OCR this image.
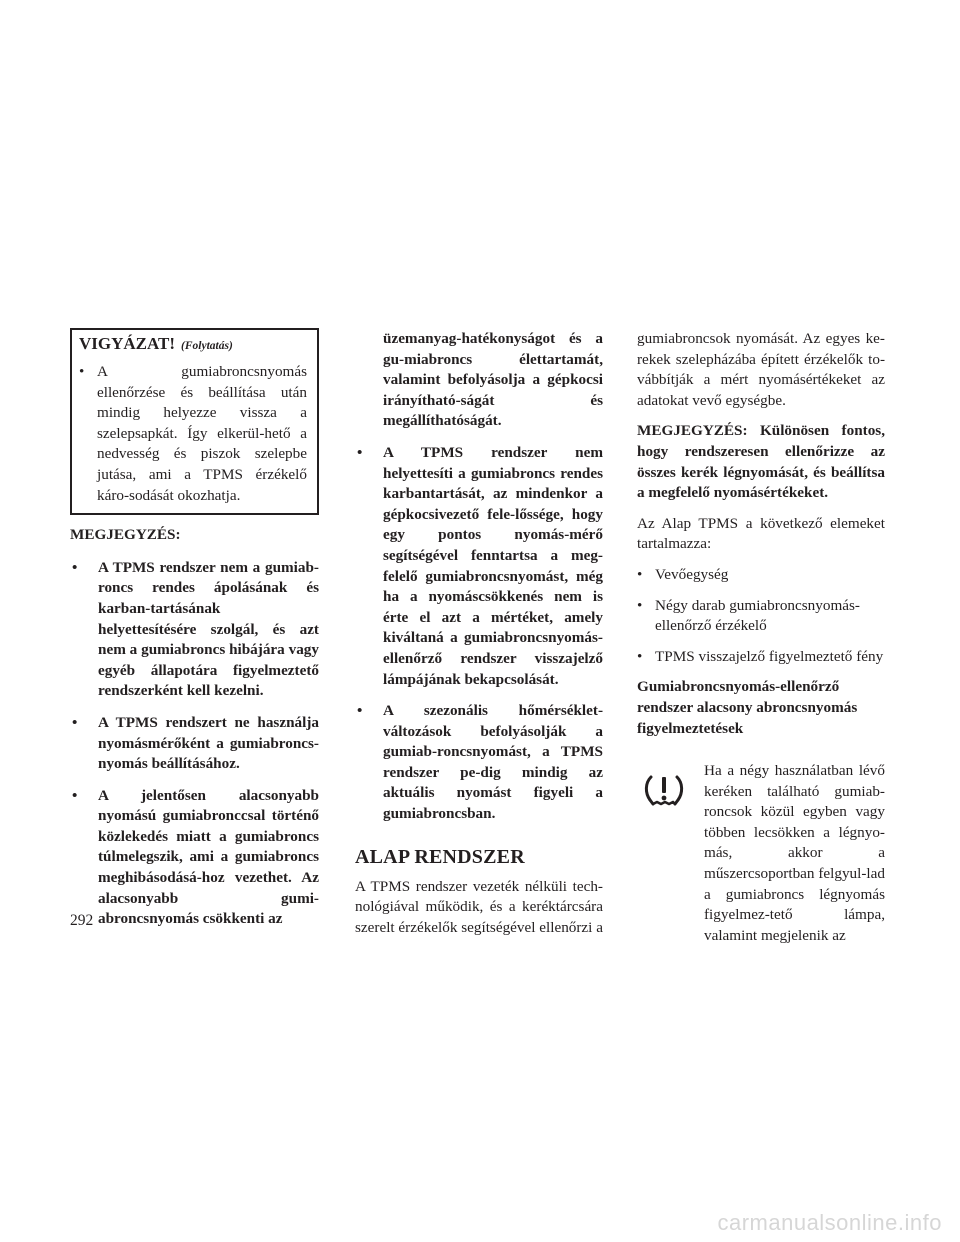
VIGYÁZAT! (Folytatás)
• A gumiabroncsnyomás ellenőrzése és beállítása után mindig helyezze vissza a szelepsapkát. Így elkerül-hető a nedvesség és piszok szelepbe jutása, ami a TPMS érzékelő káro-sodását okozhatja.

MEGJEGYZÉS:

• A TPMS rendszer nem a gumiab-roncs rendes ápolásának és karban-tartásának helyettesítésére szolgál, és azt nem a gumiabroncs hibájára vagy egyéb állapotára figyelmeztető rendszerként kell kezelni.
• A TPMS rendszert ne használja nyomásmérőként a gumiabroncs-nyomás beállításához.
• A jelentősen alacsonyabb nyomású gumiabronccsal történő közlekedés miatt a gumiabroncs túlmelegszik, ami a gumiabroncs meghibásodásá-hoz vezethet. Az alacsonyabb gumi-abroncsnyomás csökkenti az

üzemanyag-hatékonyságot és a gu-miabroncs élettartamát, valamint befolyásolja a gépkocsi irányítható-ságát és megállíthatóságát.

• A TPMS rendszer nem helyettesíti a gumiabroncs rendes karbantartását, az mindenkor a gépkocsivezető fele-lőssége, hogy egy pontos nyomás-mérő segítségével fenntartsa a meg-felelő gumiabroncsnyomást, még ha a nyomáscsökkenés nem is érte el azt a mértéket, amely kiváltaná a gumiabroncsnyomás-ellenőrző rendszer visszajelző lámpájának bekapcsolását.
• A szezonális hőmérséklet-változások befolyásolják a gumiab-roncsnyomást, a TPMS rendszer pe-dig mindig az aktuális nyomást figyeli a gumiabroncsban.
ALAP RENDSZER

A TPMS rendszer vezeték nélküli tech-nológiával működik, és a keréktárcsára szerelt érzékelők segítségével ellenőrzi a

gumiabroncsok nyomását. Az egyes ke-rekek szelepházába épített érzékelők to-vábbítják a mért nyomásértékeket az adatokat vevő egységbe.

MEGJEGYZÉS: Különösen fontos, hogy rendszeresen ellenőrizze az összes kerék légnyomását, és beállítsa a megfelelő nyomásértékeket.

Az Alap TPMS a következő elemeket tartalmazza:

• Vevőegység
• Négy darab gumiabroncsnyomás-ellenőrző érzékelő
• TPMS visszajelző figyelmeztető fény

Gumiabroncsnyomás-ellenőrző rendszer alacsony abroncsnyomás figyelmeztetések

Ha a négy használatban lévő keréken található gumiab-roncsok közül egyben vagy többen lecsökken a légnyo-más, akkor a műszercsoportban felgyul-lad a gumiabroncs légnyomás figyelmez-tető lámpa, valamint megjelenik az

292
carmanualsonline.info
